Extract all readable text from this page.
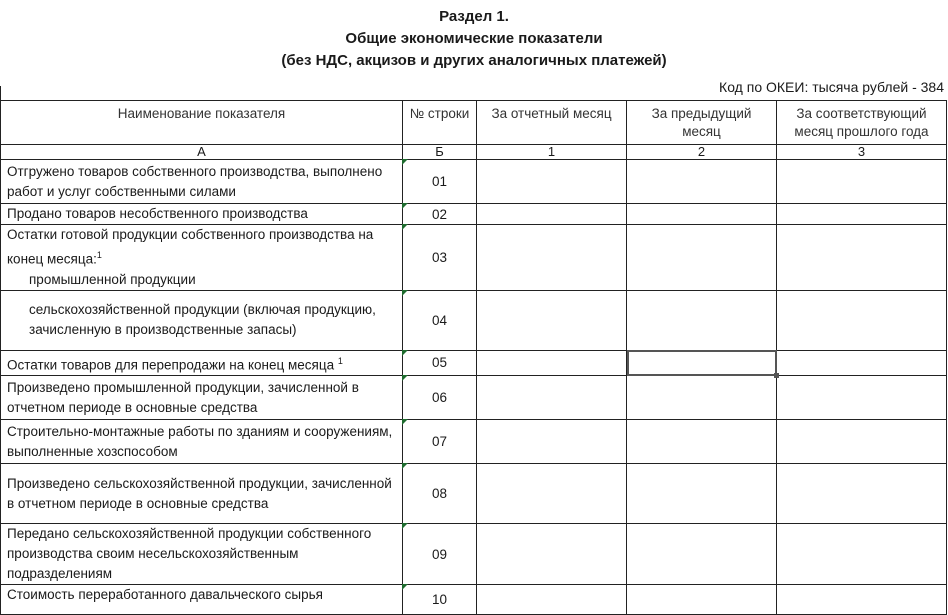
Раздел 1.
Общие экономические показатели
(без НДС, акцизов и других аналогичных платежей)
Код по ОКЕИ: тысяча рублей - 384
Наименование показателя	№ строки	За отчетный месяц	За предыдущий месяц	За соответствующий месяц прошлого года
А	Б	1	2	3
Отгружено товаров собственного производства, выполнено работ и услуг собственными силами	01			
Продано товаров несобственного производства	02			
Остатки готовой продукции собственного производства на конец месяца:$^1$
промышленной продукции	03			

сельскохозяйственной продукции (включая продукцию, зачисленную в производственные запасы)	04			
Остатки товаров для перепродажи на конец месяца $^1$	05		

Произведено промышленной продукции, зачисленной в отчетном периоде в основные средства	06			
Строительно-монтажные работы по зданиям и сооружениям, выполненные хозспособом	07			
Произведено сельскохозяйственной продукции, зачисленной в отчетном периоде в основные средства	08			
Передано сельскохозяйственной продукции собственного производства своим несельскохозяйственным подразделениям	09			
Стоимость переработанного давальческого сырья	10			
